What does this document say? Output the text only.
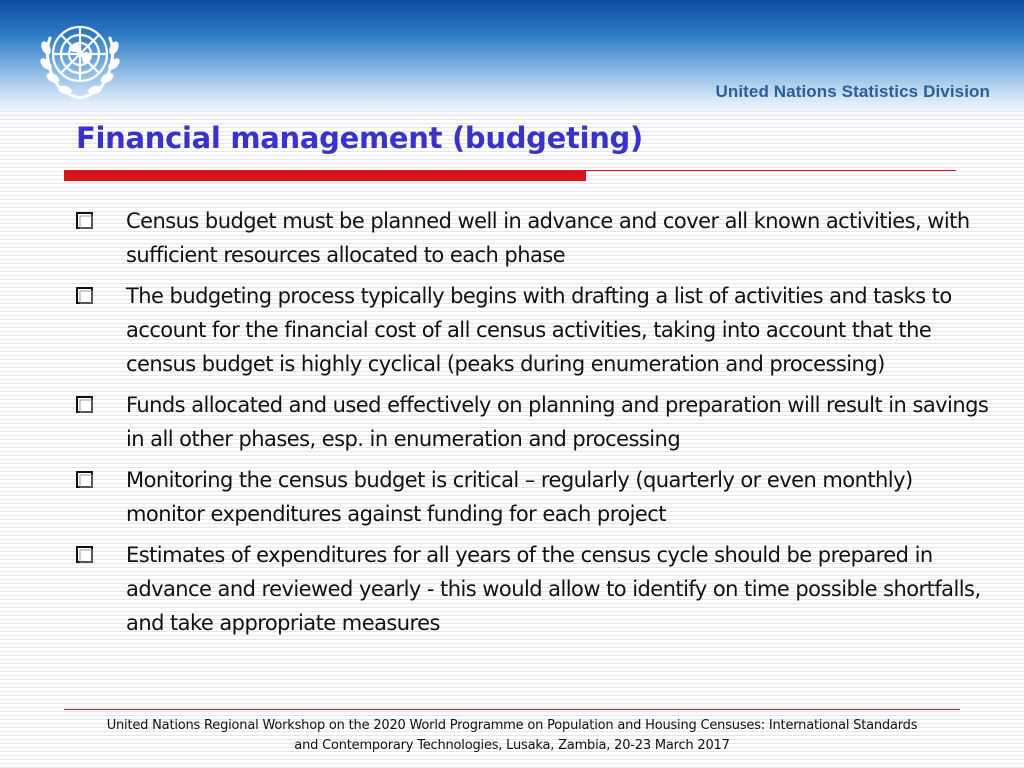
United Nations Statistics Division
Financial management (budgeting)
Census budget must be planned well in advance and cover all known activities, with sufficient resources allocated to each phase
The budgeting process typically begins with drafting a list of activities and tasks to account for the financial cost of all census activities, taking into account that the census budget is highly cyclical (peaks during enumeration and processing)
Funds allocated and used effectively on planning and preparation will result in savings in all other phases, esp. in enumeration and processing
Monitoring the census budget is critical – regularly (quarterly or even monthly) monitor expenditures against funding for each project
Estimates of expenditures for all years of the census cycle should be prepared in advance and reviewed yearly - this would allow to identify on time possible shortfalls, and take appropriate measures
United Nations Regional Workshop on the 2020 World Programme on Population and Housing Censuses: International Standards
and Contemporary Technologies, Lusaka, Zambia, 20-23 March 2017
